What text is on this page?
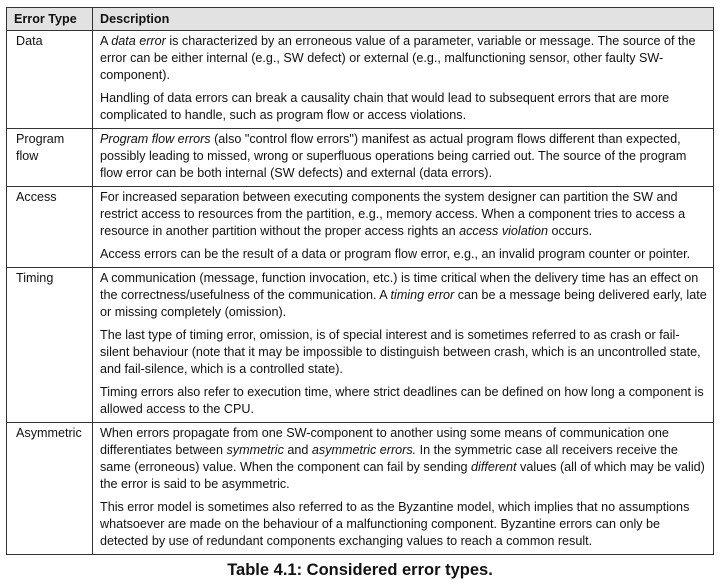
Error Type	Description
Data	A data error is characterized by an erroneous value of a parameter, variable or message. The source of the error can be either internal (e.g., SW defect) or external (e.g., malfunctioning sensor, other faulty SW-component).

Handling of data errors can break a causality chain that would lead to subsequent errors that are more complicated to handle, such as program flow or access violations.

Program flow	Program flow errors (also "control flow errors") manifest as actual program flows different than expected, possibly leading to missed, wrong or superfluous operations being carried out. The source of the program flow error can be both internal (SW defects) and external (data errors).

Access	For increased separation between executing components the system designer can partition the SW and restrict access to resources from the partition, e.g., memory access. When a component tries to access a resource in another partition without the proper access rights an access violation occurs.

Access errors can be the result of a data or program flow error, e.g., an invalid program counter or pointer.

Timing	A communication (message, function invocation, etc.) is time critical when the delivery time has an effect on the correctness/usefulness of the communication. A timing error can be a message being delivered early, late or missing completely (omission).

The last type of timing error, omission, is of special interest and is sometimes referred to as crash or fail-silent behaviour (note that it may be impossible to distinguish between crash, which is an uncontrolled state, and fail-silence, which is a controlled state).

Timing errors also refer to execution time, where strict deadlines can be defined on how long a component is allowed access to the CPU.

Asymmetric	When errors propagate from one SW-component to another using some means of communication one differentiates between symmetric and asymmetric errors. In the symmetric case all receivers receive the same (erroneous) value. When the component can fail by sending different values (all of which may be valid) the error is said to be asymmetric.

This error model is sometimes also referred to as the Byzantine model, which implies that no assumptions whatsoever are made on the behaviour of a malfunctioning component. Byzantine errors can only be detected by use of redundant components exchanging values to reach a common result.

Table 4.1: Considered error types.
